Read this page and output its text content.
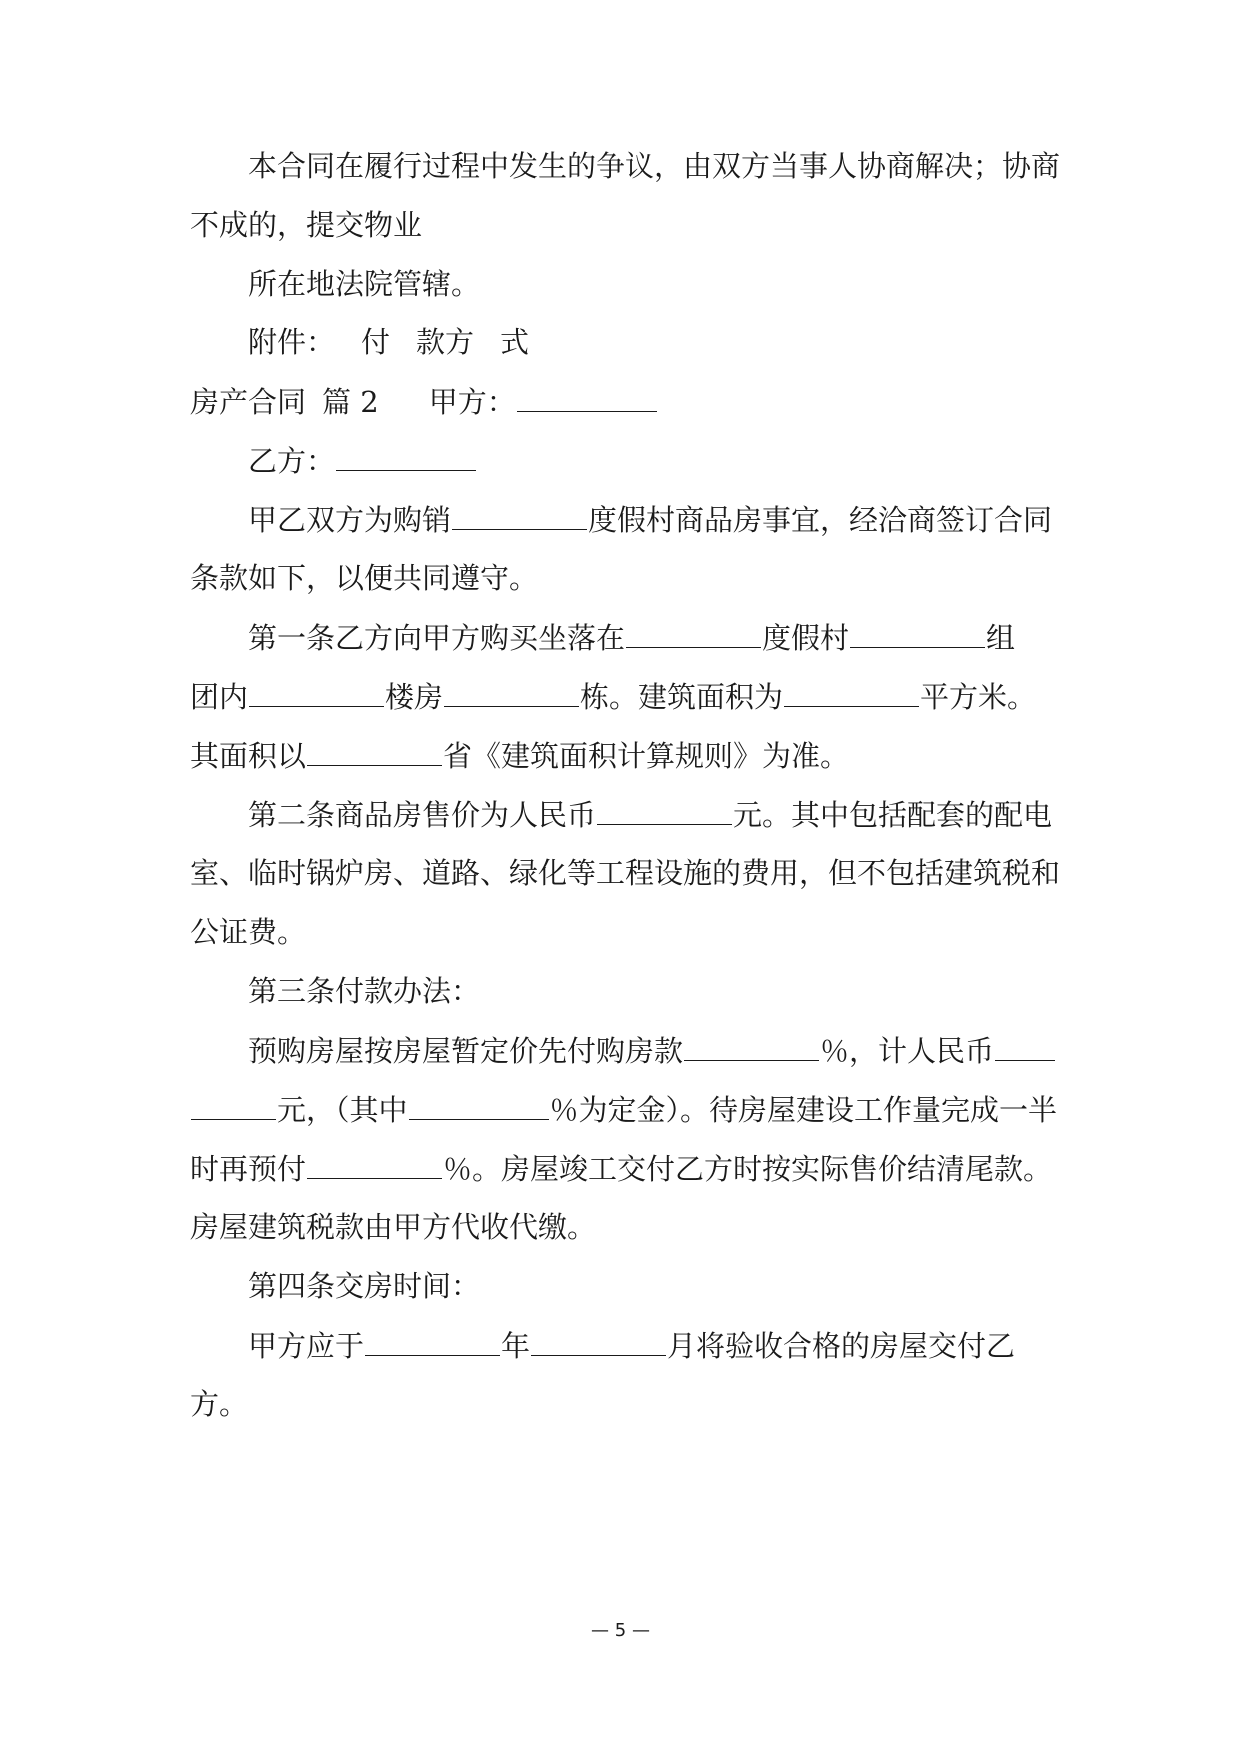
本合同在履行过程中发生的争议，由双方当事人协商解决；协商
不成的，提交物业
所在地法院管辖。
附件： 付 款方 式
房产合同 篇 2 甲方：
乙方：
甲乙双方为购销	度假村商品房事宜，经洽商签订合同
条款如下，以便共同遵守。
第一条乙方向甲方购买坐落在	度假村	组
团内	楼房	栋。建筑面积为	平方米。
其面积以	省《建筑面积计算规则》为准。
第二条商品房售价为人民币	元。其中包括配套的配电
室、临时锅炉房、道路、绿化等工程设施的费用，但不包括建筑税和
公证费。
第三条付款办法：
预购房屋按房屋暂定价先付购房款	％，计人民币
元，（其中	％为定金）。待房屋建设工作量完成一半
时再预付	％。房屋竣工交付乙方时按实际售价结清尾款。
房屋建筑税款由甲方代收代缴。
第四条交房时间：
甲方应于	年	月将验收合格的房屋交付乙
方。
— 5 —
